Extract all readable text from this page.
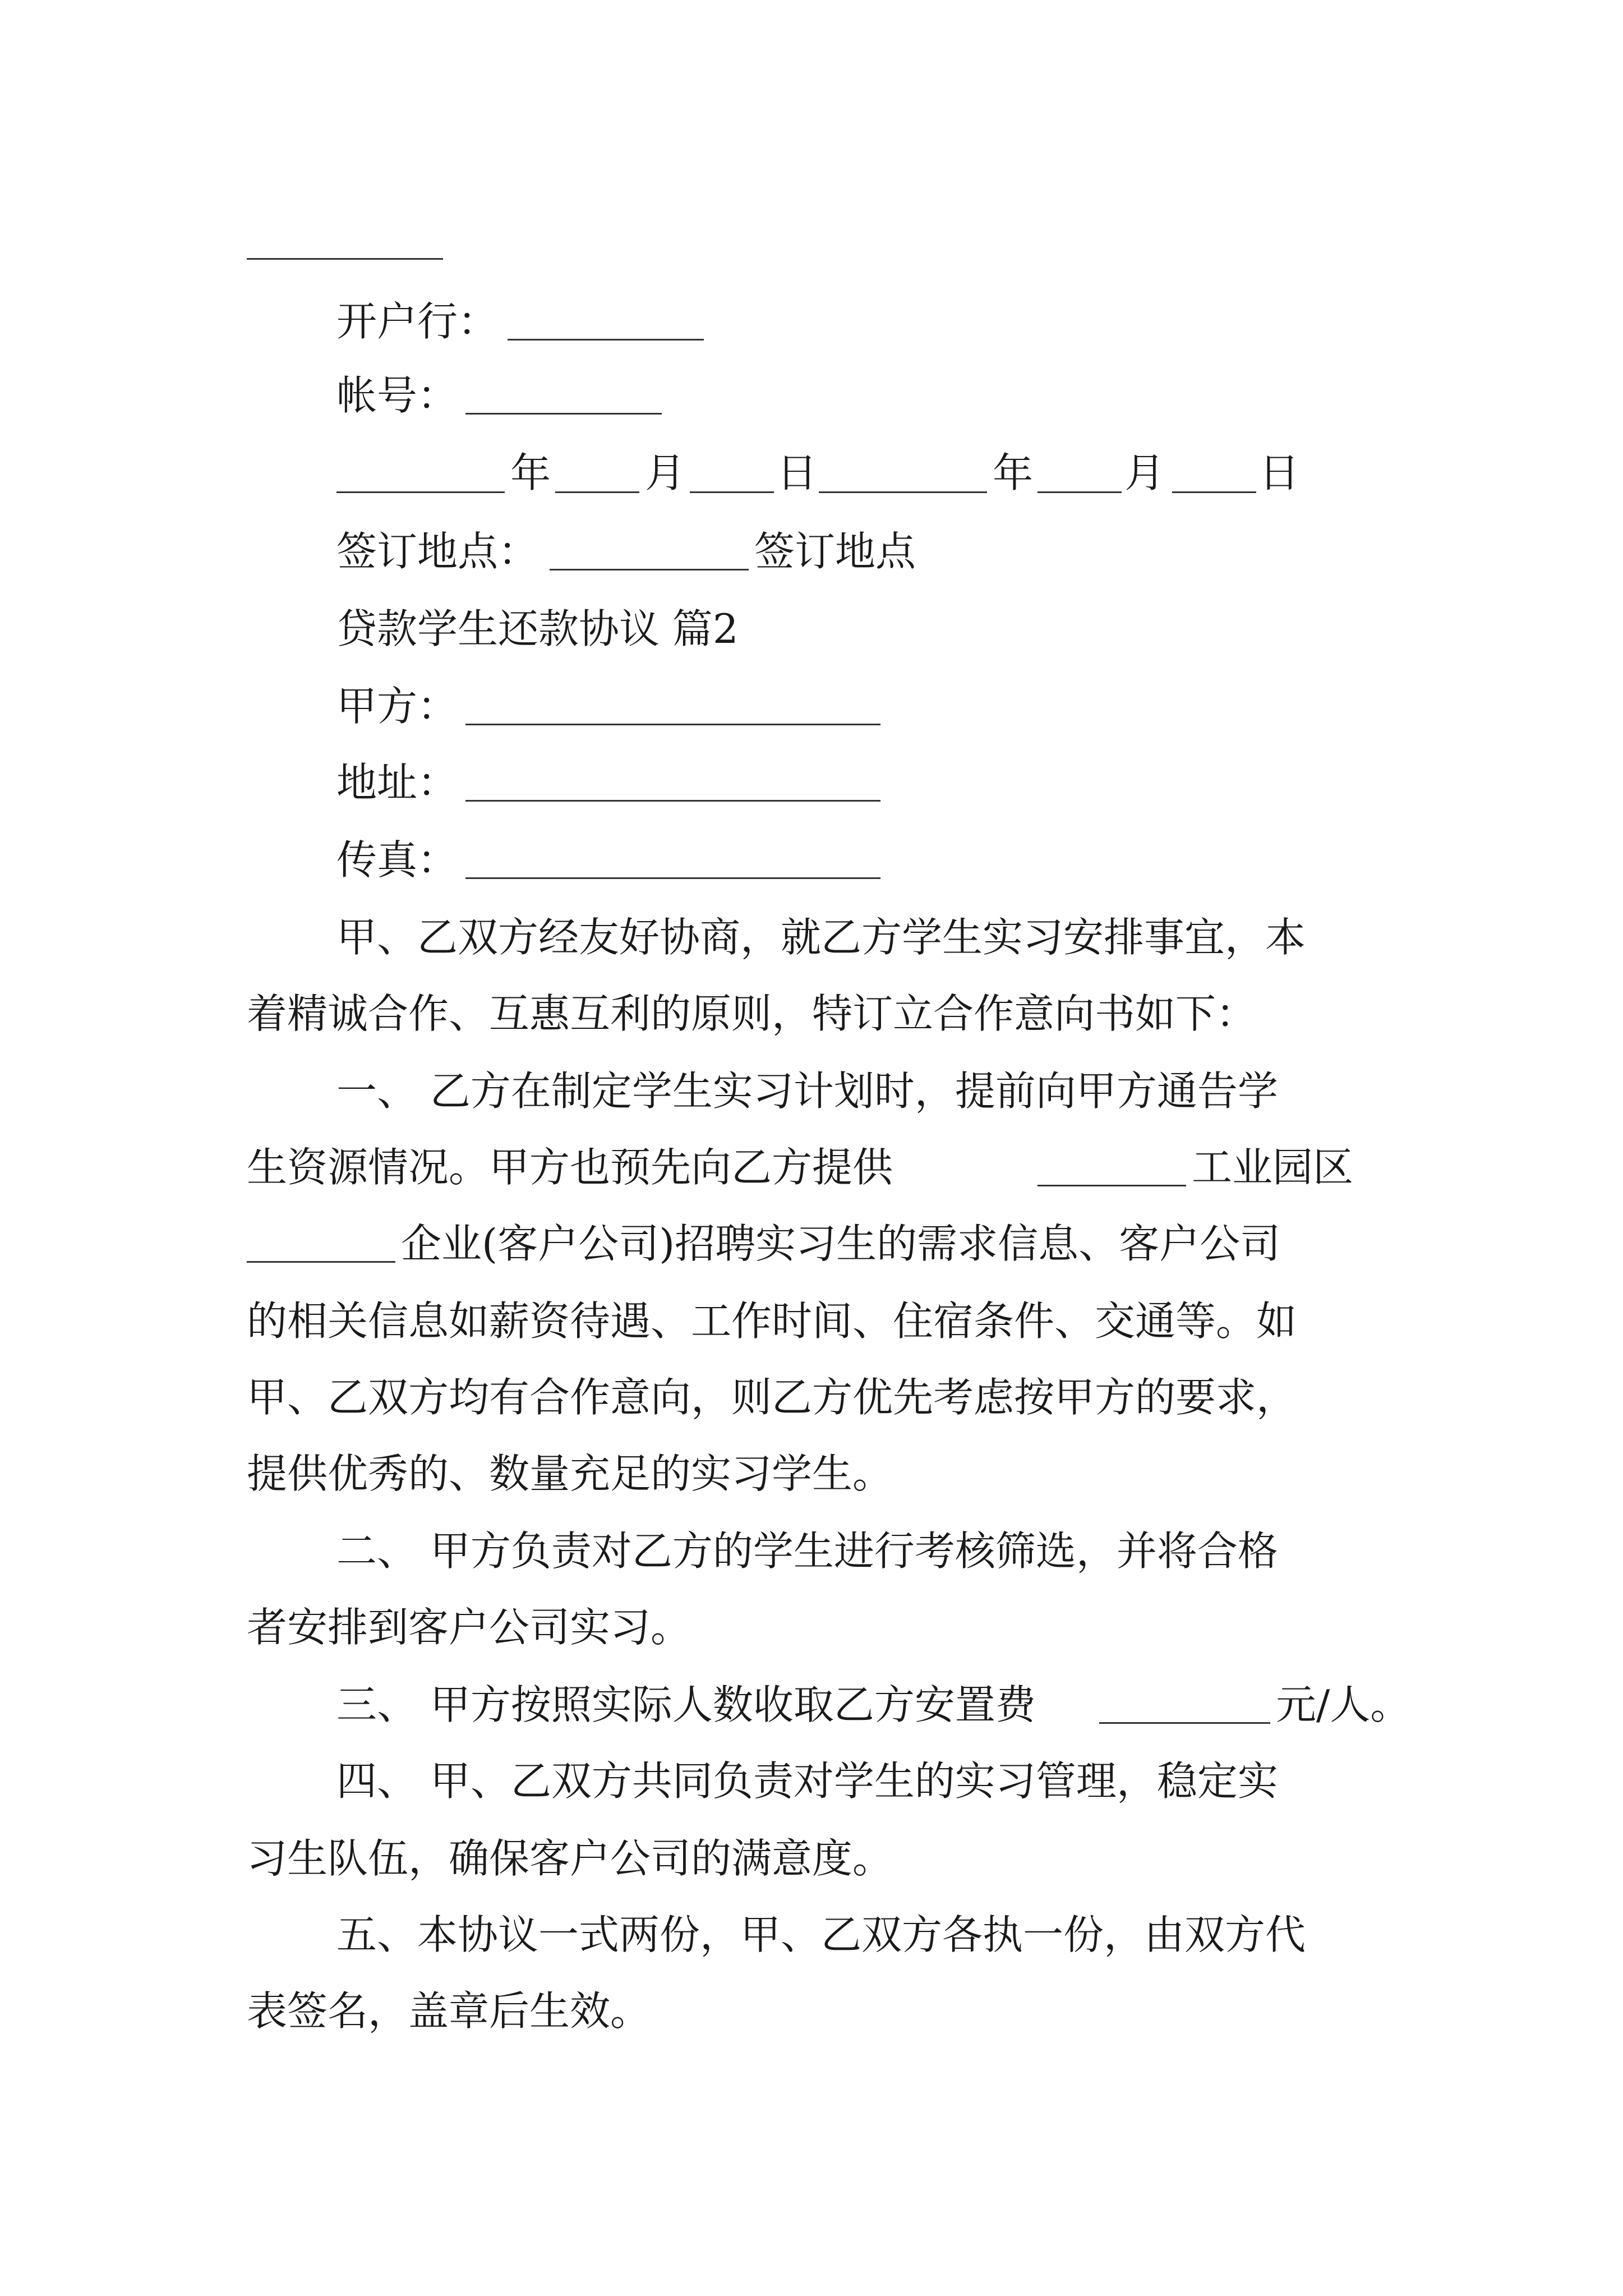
开户行：
帐号：
年 月 日	年 月 日
签订地点：	签订地点
贷款学生还款协议 篇2
甲方：
地址：
传真：
甲、乙双方经友好协商，就乙方学生实习安排事宜，本
着精诚合作、互惠互利的原则，特订立合作意向书如下：
一、 乙方在制定学生实习计划时，提前向甲方通告学
生资源情况。甲方也预先向乙方提供	工业园区
企业(客户公司)招聘实习生的需求信息、客户公司
的相关信息如薪资待遇、工作时间、住宿条件、交通等。如
甲、乙双方均有合作意向，则乙方优先考虑按甲方的要求，
提供优秀的、数量充足的实习学生。
二、 甲方负责对乙方的学生进行考核筛选，并将合格
者安排到客户公司实习。
三、 甲方按照实际人数收取乙方安置费	元/人。
四、 甲、乙双方共同负责对学生的实习管理，稳定实
习生队伍，确保客户公司的满意度。
五、本协议一式两份，甲、乙双方各执一份，由双方代
表签名，盖章后生效。
